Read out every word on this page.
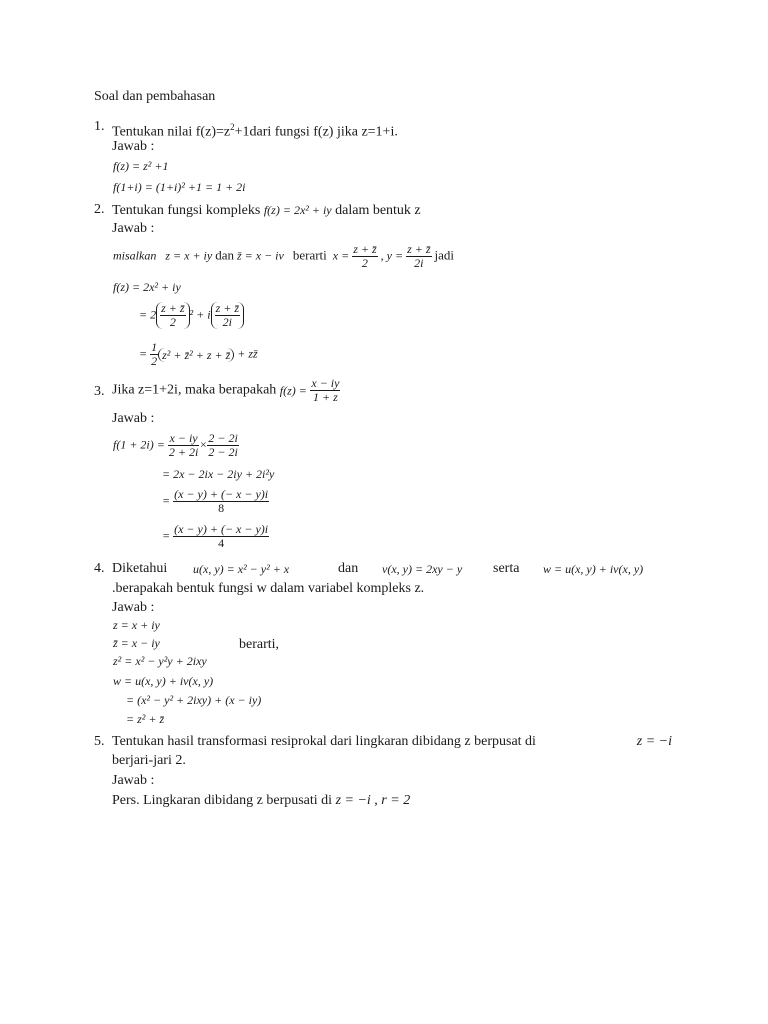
Soal dan pembahasan
1. Tentukan nilai $f(z)=z^2+1dari$ fungsi f(z) jika z=1+i.
Jawab :
f(z) = z² +1
f(1+i) = (1+i)² +1 = 1 + 2i
2. Tentukan fungsi kompleks f(z) = 2x² + iy dalam bentuk z
Jawab :
misalkan z = x + iy dan z̄ = x − iv berarti $x = \frac{z + z̄}{2}$ , $y = \frac{z + z̄}{2i}$ jadi
f(z) = 2x² + iy
= $2 \frac{z + z̄}{2} ^2 + i \frac{z + z̄}{2i}$
= $\frac{1}{2} z^2$ + z̄² + z + z̄ + zz̄
3. Jika z=1+2i, maka berapakah $f(z) = \frac{x - iy}{1 + z}$
Jawab :
$f(1 + 2i) = \frac{x - iy}{2 + 2i} \times \frac{2 - 2i}{2 - 2i}$
= 2x − 2ix − 2iy + 2i²y
= $\frac{(x - y) + (- x - y)i}{8}$
= $\frac{(x - y) + (- x - y)i}{4}$
4. Diketahui u(x, y) = x² − y² + x	dan v(x, y) = 2xy − y serta w = u(x, y) + iv(x, y)
.berapakah bentuk fungsi w dalam variabel kompleks z.
Jawab :
z = x + iy
z̄ = x − iy	berarti,
z² = x² − y²y + 2ixy
w = u(x, y) + iv(x, y)
= (x² − y² + 2ixy) + (x − iy)
= z² + z̄
5. Tentukan hasil transformasi resiprokal dari lingkaran dibidang z berpusat di	z = −i
berjari-jari 2.
Jawab :
Pers. Lingkaran dibidang z berpusati di z = −i , r = 2
